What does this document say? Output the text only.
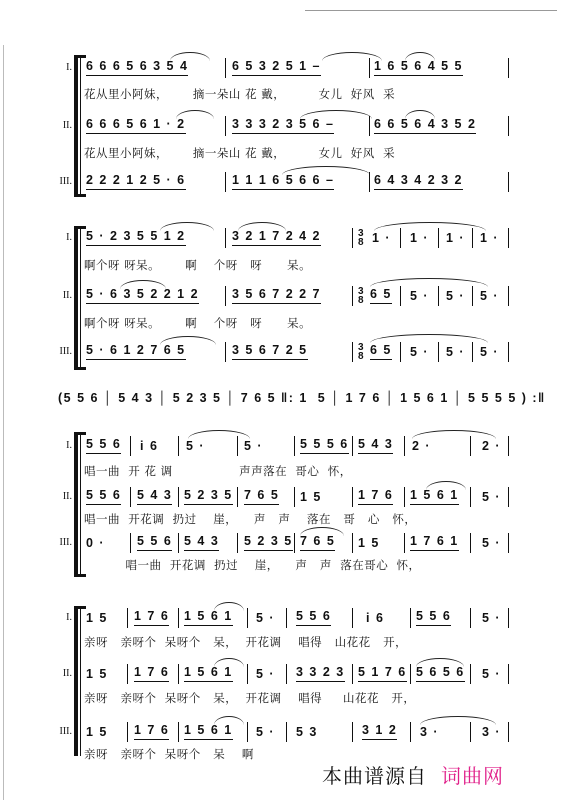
I. 6 6 6 5 6 3 5 4	6 5 3 2 5 1 –	1 6 5 6 4 5 5
花从里小阿妹，      摘一朵山 花 戴，        女儿  好风  采
II. 6 6 6 5 6 1 · 2	3 3 3 2 3 5 6 –	6 6 5 6 4 3 5 2
花从里小阿妹，      摘一朵山 花 戴，        女儿  好风  采
III. 2 2 2 1 2 5 · 6	1 1 1 6 5 6 6 –	6 4 3 4 2 3 2
I. 5 · 2 3 5 5 1 2	3 2 1 7 2 4 2	1 · 1 · 1 · 1 ·
3
8
啊个呀 呀呆。      啊    个呀   呀      呆。
II. 5 · 6 3 5 2 2 1 2	3 5 6 7 2 2 7	6 5 5 · 5 · 5 ·
3
8
啊个呀 呀呆。      啊    个呀   呀      呆。
III. 5 · 6 1 2 7 6 5	3 5 6 7 2 5	6 5 5 · 5 · 5 ·
3
8
(5 5 6 │ 5 4 3 │ 5 2 3 5 │ 7 6 5 ‖: 1  5 │ 1 7 6 │ 1 5 6 1 │ 5 5 5 5 ) :‖
I. 5 5 6 i 6 5 ·	5 ·	5 5 5 6 5 4 3 2 ·	2 ·
唱一曲  开 花 调                声声落在  哥心  怀，
II. 5 5 6 5 4 3 5 2 3 5 7 6 5 1 5	1 7 6 1 5 6 1 5 ·
唱一曲  开花调  扔过    崖，    声   声    落在   哥   心   怀，
III. 0 ·	5 5 6 5 4 3 5 2 3 5 7 6 5 1 5 1 7 6 1 5 ·
唱一曲  开花调  扔过    崖，    声   声  落在哥心  怀，
I. 1 5 1 7 6 1 5 6 1 5 · 5 5 6	i 6	5 5 6 5 ·
亲呀   亲呀个  呆呀个   呆，  开花调    唱得   山花花   开，
II. 1 5 1 7 6 1 5 6 1 5 · 3 3 2 3 5 1 7 6 5 6 5 6 5 ·
亲呀   亲呀个  呆呀个   呆，  开花调    唱得     山花花   开，
III. 1 5 1 7 6 1 5 6 1 5 · 5 3	3 1 2 3 ·	3 ·
亲呀   亲呀个  呆呀个   呆    啊
本曲谱源自 词曲网
